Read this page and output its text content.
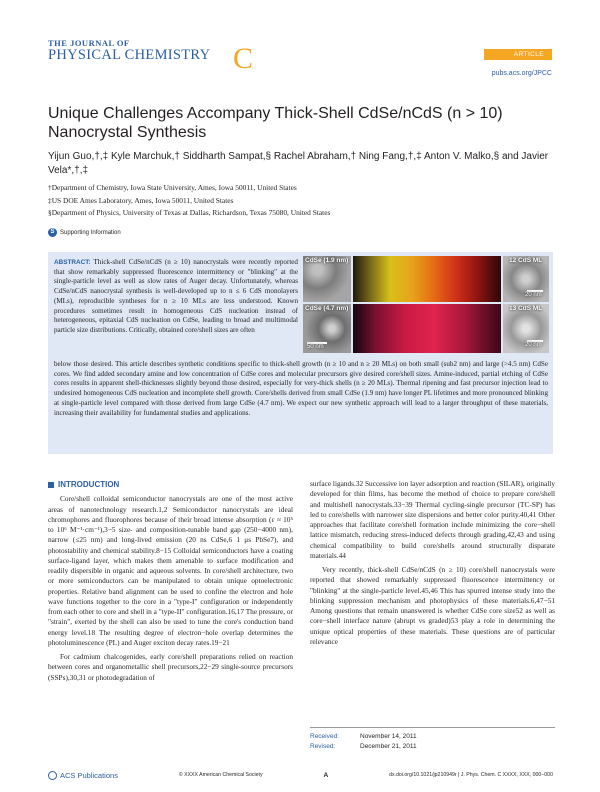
THE JOURNAL OF
PHYSICAL CHEMISTRY C	ARTICLE
pubs.acs.org/JPCC
Unique Challenges Accompany Thick-Shell CdSe/nCdS (n > 10) Nanocrystal Synthesis
Yijun Guo,†,‡ Kyle Marchuk,† Siddharth Sampat,§ Rachel Abraham,† Ning Fang,†,‡ Anton V. Malko,§ and Javier Vela*,†,‡
†Department of Chemistry, Iowa State University, Ames, Iowa 50011, United States
‡US DOE Ames Laboratory, Ames, Iowa 50011, United States
§Department of Physics, University of Texas at Dallas, Richardson, Texas 75080, United States
S Supporting Information
ABSTRACT: Thick-shell CdSe/nCdS (n ≥ 10) nanocrystals were recently reported that show remarkably suppressed fluorescence intermittency or "blinking" at the single-particle level as well as slow rates of Auger decay. Unfortunately, whereas CdSe/nCdS nanocrystal synthesis is well-developed up to n ≤ 6 CdS monolayers (MLs), reproducible syntheses for n ≥ 10 MLs are less understood. Known procedures sometimes result in homogeneous CdS nucleation instead of heterogeneous, epitaxial CdS nucleation on CdSe, leading to broad and multimodal particle size distributions. Critically, obtained core/shell sizes are often
below those desired. This article describes synthetic conditions specific to thick-shell growth (n ≥ 10 and n ≥ 20 MLs) on both small (sub2 nm) and large (>4.5 nm) CdSe cores. We find added secondary amine and low concentration of CdSe cores and molecular precursors give desired core/shell sizes. Amine-induced, partial etching of CdSe cores results in apparent shell-thicknesses slightly beyond those desired, especially for very-thick shells (n ≥ 20 MLs). Thermal ripening and fast precursor injection lead to undesired homogeneous CdS nucleation and incomplete shell growth. Core/shells derived from small CdSe (1.9 nm) have longer PL lifetimes and more pronounced blinking at single-particle level compared with those derived from large CdSe (4.7 nm). We expect our new synthetic approach will lead to a larger throughput of these materials, increasing their availability for fundamental studies and applications.
CdSe (1.9 nm)
CdSe (4.7 nm)
12 CdS ML
13 CdS ML
50 nm
20 nm
20 nm
INTRODUCTION

Core/shell colloidal semiconductor nanocrystals are one of the most active areas of nanotechnology research.1,2 Semiconductor nanocrystals are ideal chromophores and fluorophores because of their broad intense absorption (ε ≈ 10⁵ to 10⁶ M⁻¹·cm⁻¹),3−5 size- and composition-tunable band gap (250−4000 nm), narrow (≤25 nm) and long-lived emission (20 ns CdSe,6 1 μs PbSe7), and photostability and chemical stability.8−15 Colloidal semiconductors have a coating surface-ligand layer, which makes them amenable to surface modification and readily dispersible in organic and aqueous solvents. In core/shell architecture, two or more semiconductors can be manipulated to obtain unique optoelectronic properties. Relative band alignment can be used to confine the electron and hole wave functions together to the core in a "type-I" configuration or independently from each other to core and shell in a "type-II" configuration.16,17 The pressure, or "strain", exerted by the shell can also be used to tune the core's conduction band energy level.18 The resulting degree of electron−hole overlap determines the photoluminescence (PL) and Auger exciton decay rates.19−21

For cadmium chalcogenides, early core/shell preparations relied on reaction between cores and organometallic shell precursors,22−29 single-source precursors (SSPs),30,31 or photodegradation of

surface ligands.32 Successive ion layer adsorption and reaction (SILAR), originally developed for thin films, has become the method of choice to prepare core/shell and multishell nanocrystals.33−39 Thermal cycling-single precursor (TC-SP) has led to core/shells with narrower size dispersions and better color purity.40,41 Other approaches that facilitate core/shell formation include minimizing the core−shell lattice mismatch, reducing stress-induced defects through grading,42,43 and using chemical compatibility to build core/shells around structurally disparate materials.44

Very recently, thick-shell CdSe/nCdS (n ≥ 10) core/shell nanocrystals were reported that showed remarkably suppressed fluorescence intermittency or "blinking" at the single-particle level.45,46 This has spurred intense study into the blinking suppression mechanism and photophysics of these materials.6,47−51 Among questions that remain unanswered is whether CdSe core size52 as well as core−shell interface nature (abrupt vs graded)53 play a role in determining the unique optical properties of these materials. These questions are of particular relevance

Received:	November 14, 2011
Revised:	December 21, 2011
ACS Publications	© XXXX American Chemical Society	A	dx.doi.org/10.1021/jp210949r | J. Phys. Chem. C XXXX, XXX, 000−000
